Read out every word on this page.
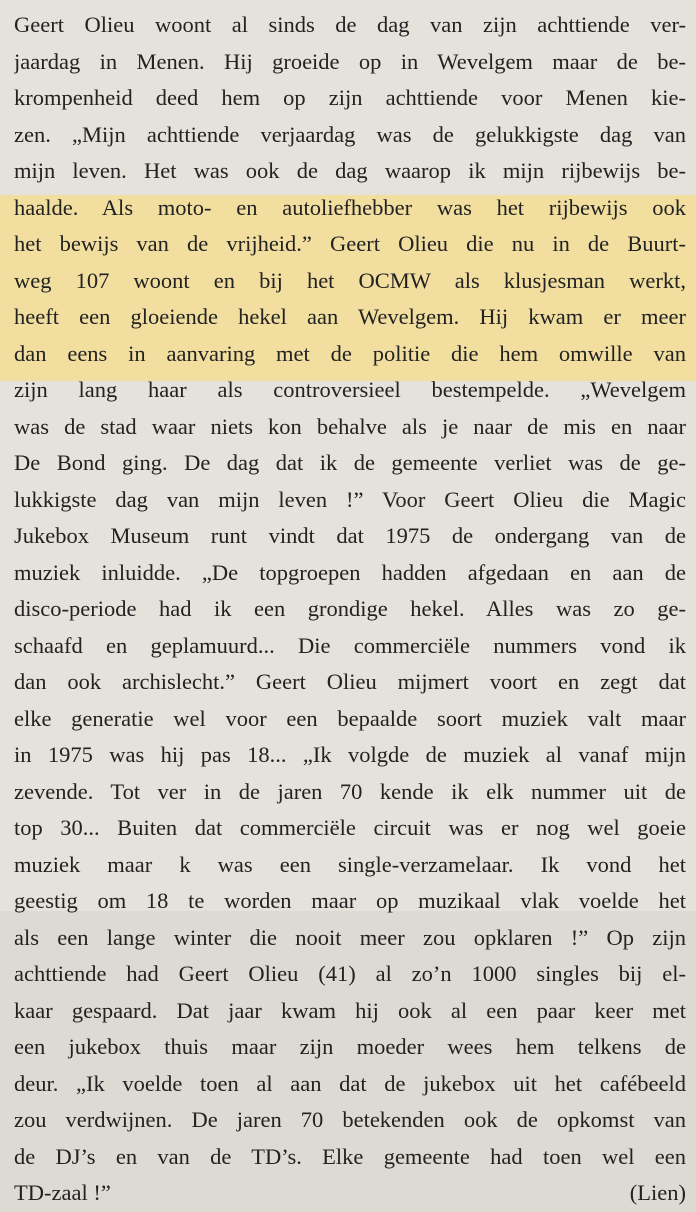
Geert Olieu woont al sinds de dag van zijn achttiende ver-
jaardag in Menen. Hij groeide op in Wevelgem maar de be-
krompenheid deed hem op zijn achttiende voor Menen kie-
zen. „Mijn achttiende verjaardag was de gelukkigste dag van
mijn leven. Het was ook de dag waarop ik mijn rijbewijs be-
haalde. Als moto- en autoliefhebber was het rijbewijs ook
het bewijs van de vrijheid.” Geert Olieu die nu in de Buurt-
weg 107 woont en bij het OCMW als klusjesman werkt,
heeft een gloeiende hekel aan Wevelgem. Hij kwam er meer
dan eens in aanvaring met de politie die hem omwille van
zijn lang haar als controversieel bestempelde. „Wevelgem
was de stad waar niets kon behalve als je naar de mis en naar
De Bond ging. De dag dat ik de gemeente verliet was de ge-
lukkigste dag van mijn leven !” Voor Geert Olieu die Magic
Jukebox Museum runt vindt dat 1975 de ondergang van de
muziek inluidde. „De topgroepen hadden afgedaan en aan de
disco-periode had ik een grondige hekel. Alles was zo ge-
schaafd en geplamuurd... Die commerciële nummers vond ik
dan ook archislecht.” Geert Olieu mijmert voort en zegt dat
elke generatie wel voor een bepaalde soort muziek valt maar
in 1975 was hij pas 18... „Ik volgde de muziek al vanaf mijn
zevende. Tot ver in de jaren 70 kende ik elk nummer uit de
top 30... Buiten dat commerciële circuit was er nog wel goeie
muziek maar k was een single-verzamelaar. Ik vond het
geestig om 18 te worden maar op muzikaal vlak voelde het
als een lange winter die nooit meer zou opklaren !” Op zijn
achttiende had Geert Olieu (41) al zo’n 1000 singles bij el-
kaar gespaard. Dat jaar kwam hij ook al een paar keer met
een jukebox thuis maar zijn moeder wees hem telkens de
deur. „Ik voelde toen al aan dat de jukebox uit het cafébeeld
zou verdwijnen. De jaren 70 betekenden ook de opkomst van
de DJ’s en van de TD’s. Elke gemeente had toen wel een
TD-zaal !”	(Lien)
